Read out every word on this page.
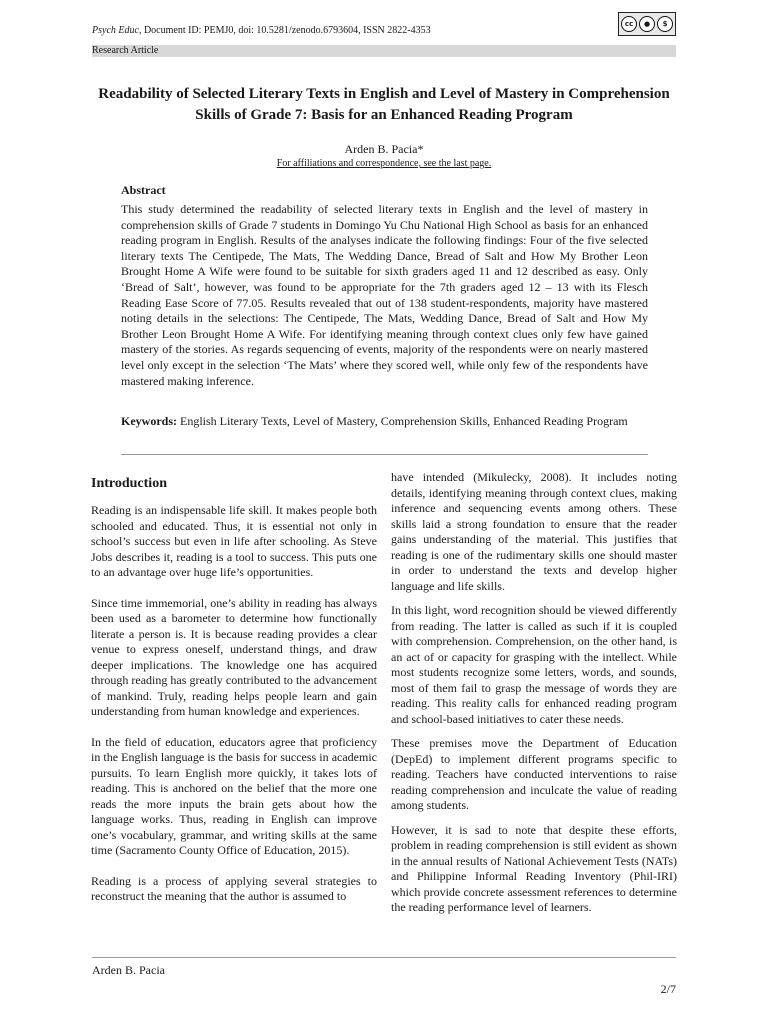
Psych Educ, Document ID: PEMJ0, doi: 10.5281/zenodo.6793604, ISSN 2822-4353
cc	●	$
Research Article
Readability of Selected Literary Texts in English and Level of Mastery in Comprehension Skills of Grade 7: Basis for an Enhanced Reading Program
Arden B. Pacia*
For affiliations and correspondence, see the last page.
Abstract
This study determined the readability of selected literary texts in English and the level of mastery in comprehension skills of Grade 7 students in Domingo Yu Chu National High School as basis for an enhanced reading program in English. Results of the analyses indicate the following findings: Four of the five selected literary texts The Centipede, The Mats, The Wedding Dance, Bread of Salt and How My Brother Leon Brought Home A Wife were found to be suitable for sixth graders aged 11 and 12 described as easy. Only ‘Bread of Salt’, however, was found to be appropriate for the 7th graders aged 12 – 13 with its Flesch Reading Ease Score of 77.05. Results revealed that out of 138 student-respondents, majority have mastered noting details in the selections: The Centipede, The Mats, Wedding Dance, Bread of Salt and How My Brother Leon Brought Home A Wife. For identifying meaning through context clues only few have gained mastery of the stories. As regards sequencing of events, majority of the respondents were on nearly mastered level only except in the selection ‘The Mats’ where they scored well, while only few of the respondents have mastered making inference.
Keywords: English Literary Texts, Level of Mastery, Comprehension Skills, Enhanced Reading Program
Introduction

Reading is an indispensable life skill. It makes people both schooled and educated. Thus, it is essential not only in school’s success but even in life after schooling. As Steve Jobs describes it, reading is a tool to success. This puts one to an advantage over huge life’s opportunities.

Since time immemorial, one’s ability in reading has always been used as a barometer to determine how functionally literate a person is. It is because reading provides a clear venue to express oneself, understand things, and draw deeper implications. The knowledge one has acquired through reading has greatly contributed to the advancement of mankind. Truly, reading helps people learn and gain understanding from human knowledge and experiences.

In the field of education, educators agree that proficiency in the English language is the basis for success in academic pursuits. To learn English more quickly, it takes lots of reading. This is anchored on the belief that the more one reads the more inputs the brain gets about how the language works. Thus, reading in English can improve one’s vocabulary, grammar, and writing skills at the same time (Sacramento County Office of Education, 2015).

Reading is a process of applying several strategies to reconstruct the meaning that the author is assumed to

have intended (Mikulecky, 2008). It includes noting details, identifying meaning through context clues, making inference and sequencing events among others. These skills laid a strong foundation to ensure that the reader gains understanding of the material. This justifies that reading is one of the rudimentary skills one should master in order to understand the texts and develop higher language and life skills.

In this light, word recognition should be viewed differently from reading. The latter is called as such if it is coupled with comprehension. Comprehension, on the other hand, is an act of or capacity for grasping with the intellect. While most students recognize some letters, words, and sounds, most of them fail to grasp the message of words they are reading. This reality calls for enhanced reading program and school-based initiatives to cater these needs.

These premises move the Department of Education (DepEd) to implement different programs specific to reading. Teachers have conducted interventions to raise reading comprehension and inculcate the value of reading among students.

However, it is sad to note that despite these efforts, problem in reading comprehension is still evident as shown in the annual results of National Achievement Tests (NATs) and Philippine Informal Reading Inventory (Phil-IRI) which provide concrete assessment references to determine the reading performance level of learners.

Arden B. Pacia
2/7
